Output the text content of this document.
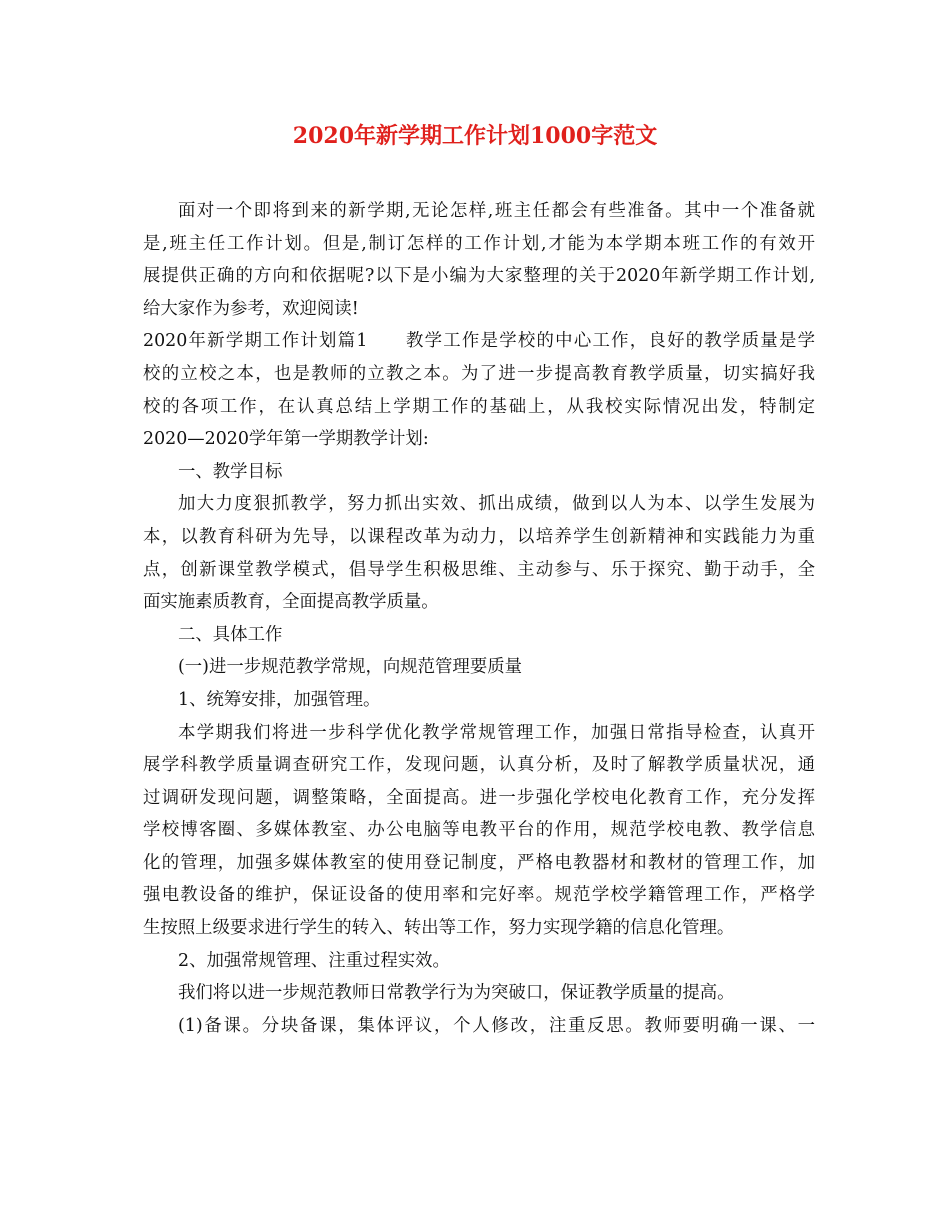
2020年新学期工作计划1000字范文
面对一个即将到来的新学期,无论怎样,班主任都会有些准备。其中一个准备就
是,班主任工作计划。但是,制订怎样的工作计划,才能为本学期本班工作的有效开
展提供正确的方向和依据呢?以下是小编为大家整理的关于2020年新学期工作计划,
给大家作为参考，欢迎阅读!
2020年新学期工作计划篇1　　教学工作是学校的中心工作，良好的教学质量是学
校的立校之本，也是教师的立教之本。为了进一步提高教育教学质量，切实搞好我
校的各项工作，在认真总结上学期工作的基础上，从我校实际情况出发，特制定
2020—2020学年第一学期教学计划:
一、教学目标
加大力度狠抓教学，努力抓出实效、抓出成绩，做到以人为本、以学生发展为
本，以教育科研为先导，以课程改革为动力，以培养学生创新精神和实践能力为重
点，创新课堂教学模式，倡导学生积极思维、主动参与、乐于探究、勤于动手，全
面实施素质教育，全面提高教学质量。
二、具体工作
(一)进一步规范教学常规，向规范管理要质量
1、统筹安排，加强管理。
本学期我们将进一步科学优化教学常规管理工作，加强日常指导检查，认真开
展学科教学质量调查研究工作，发现问题，认真分析，及时了解教学质量状况，通
过调研发现问题，调整策略，全面提高。进一步强化学校电化教育工作，充分发挥
学校博客圈、多媒体教室、办公电脑等电教平台的作用，规范学校电教、教学信息
化的管理，加强多媒体教室的使用登记制度，严格电教器材和教材的管理工作，加
强电教设备的维护，保证设备的使用率和完好率。规范学校学籍管理工作，严格学
生按照上级要求进行学生的转入、转出等工作，努力实现学籍的信息化管理。
2、加强常规管理、注重过程实效。
我们将以进一步规范教师日常教学行为为突破口，保证教学质量的提高。
(1)备课。分块备课，集体评议，个人修改，注重反思。教师要明确一课、一
